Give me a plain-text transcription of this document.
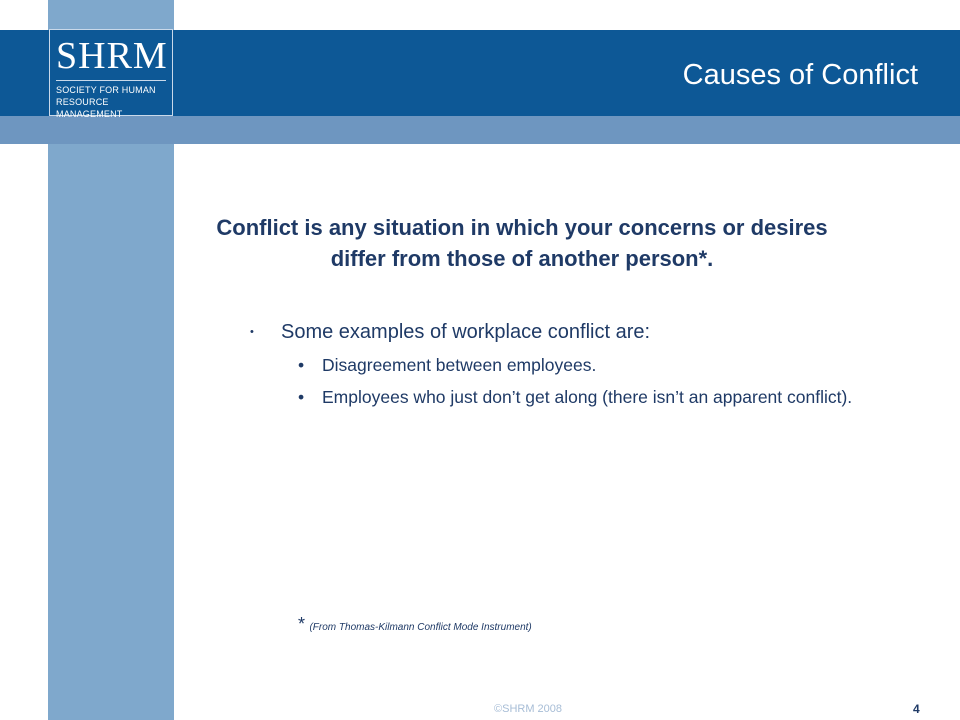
SHRM
SOCIETY FOR HUMAN
RESOURCE MANAGEMENT
™
Causes of Conflict
Conflict is any situation in which your concerns or desires differ from those of another person*.
• Some examples of workplace conflict are:
• Disagreement between employees.
• Employees who just don’t get along (there isn’t an apparent conflict).
* (From Thomas-Kilmann Conflict Mode Instrument)
©SHRM 2008	4
